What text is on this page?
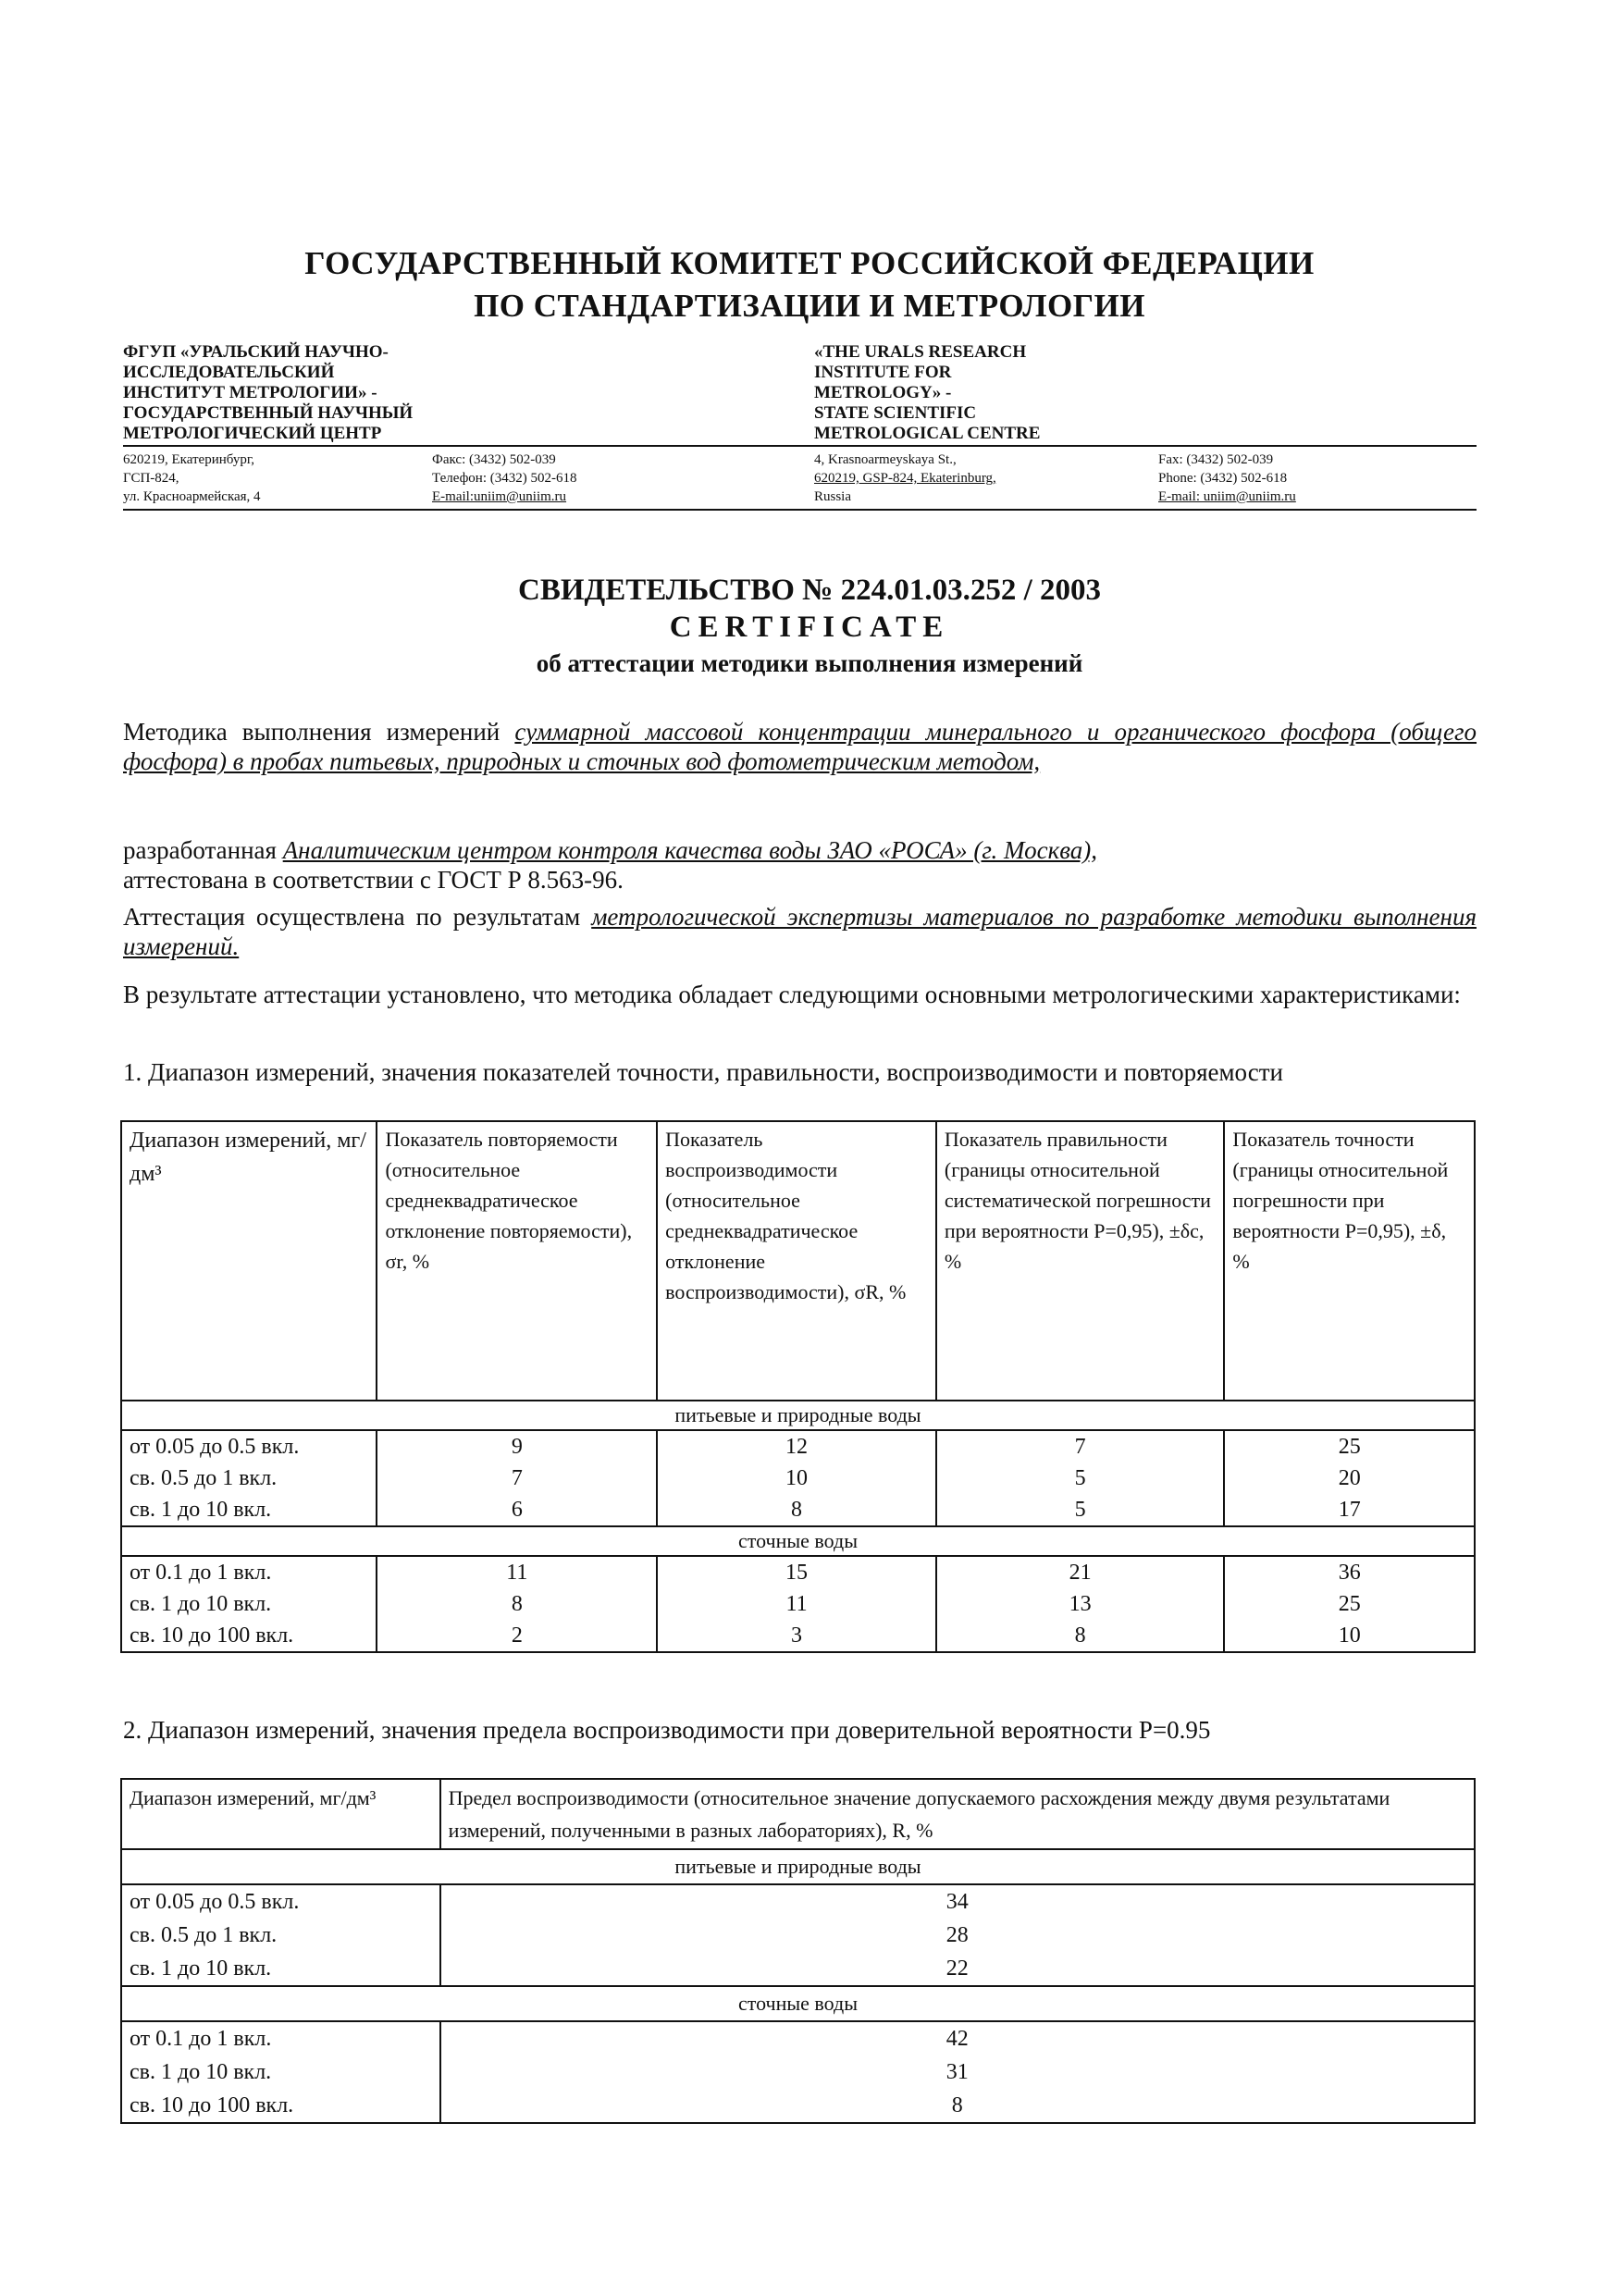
ГОСУДАРСТВЕННЫЙ КОМИТЕТ РОССИЙСКОЙ ФЕДЕРАЦИИ
ПО СТАНДАРТИЗАЦИИ И МЕТРОЛОГИИ
ФГУП «УРАЛЬСКИЙ НАУЧНО-
ИССЛЕДОВАТЕЛЬСКИЙ
ИНСТИТУТ МЕТРОЛОГИИ» -
ГОСУДАРСТВЕННЫЙ НАУЧНЫЙ
МЕТРОЛОГИЧЕСКИЙ ЦЕНТР
«THE URALS RESEARCH
INSTITUTE FOR
METROLOGY» -
STATE SCIENTIFIC
METROLOGICAL CENTRE
620219, Екатеринбург,
ГСП-824,
ул. Красноармейская, 4
Факс: (3432) 502-039
Телефон: (3432) 502-618
E-mail:uniim@uniim.ru
4, Krasnoarmeyskaya St.,
620219, GSP-824, Ekaterinburg,
Russia
Fax: (3432) 502-039
Phone: (3432) 502-618
E-mail: uniim@uniim.ru
СВИДЕТЕЛЬСТВО № 224.01.03.252 / 2003
CERTIFICATE
об аттестации методики выполнения измерений
Методика выполнения измерений суммарной массовой концентрации минерального и органического фосфора (общего фосфора) в пробах питьевых, природных и сточных вод фотометрическим методом,
разработанная Аналитическим центром контроля качества воды ЗАО «РОСА» (г. Москва),
аттестована в соответствии с ГОСТ Р 8.563-96.
Аттестация осуществлена по результатам метрологической экспертизы материалов по разработке методики выполнения измерений.
В результате аттестации установлено, что методика обладает следующими основными метрологическими характеристиками:
1. Диапазон измерений, значения показателей точности, правильности, воспроизводимости и повторяемости
Диапазон измерений, мг/дм³	Показатель повторяемости (относительное среднеквадратическое отклонение повторяемости), σr, %	Показатель воспроизводимости (относительное среднеквадратическое отклонение воспроизводимости), σR, %	Показатель правильности (границы относительной систематической погрешности при вероятности P=0,95), ±δc, %	Показатель точности (границы относительной погрешности при вероятности P=0,95), ±δ, %
питьевые и природные воды				
от 0.05 до 0.5 вкл.	9	12	7	25
св. 0.5 до 1 вкл.	7	10	5	20
св. 1 до 10 вкл.	6	8	5	17
сточные воды				
от 0.1 до 1 вкл.	11	15	21	36
св. 1 до 10 вкл.	8	11	13	25
св. 10 до 100 вкл.	2	3	8	10
2. Диапазон измерений, значения предела воспроизводимости при доверительной вероятности P=0.95
Диапазон измерений, мг/дм³	Предел воспроизводимости (относительное значение допускаемого расхождения между двумя результатами измерений, полученными в разных лабораториях), R, %
питьевые и природные воды	
от 0.05 до 0.5 вкл.	34
св. 0.5 до 1 вкл.	28
св. 1 до 10 вкл.	22
сточные воды	
от 0.1 до 1 вкл.	42
св. 1 до 10 вкл.	31
св. 10 до 100 вкл.	8
